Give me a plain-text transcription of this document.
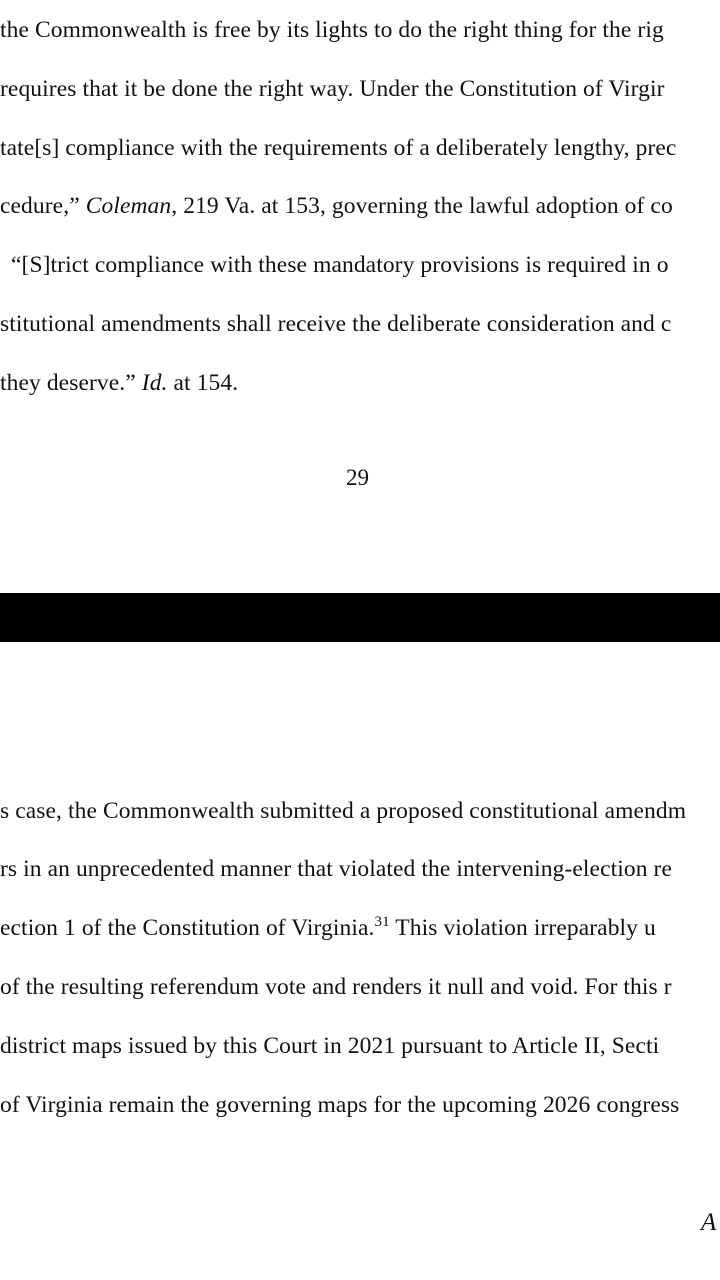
the Commonwealth is free by its lights to do the right thing for the rig
requires that it be done the right way. Under the Constitution of Virgir
tate[s] compliance with the requirements of a deliberately lengthy, prec
cedure,” Coleman, 219 Va. at 153, governing the lawful adoption of co
“[S]trict compliance with these mandatory provisions is required in o
stitutional amendments shall receive the deliberate consideration and c
they deserve.” Id. at 154.
29
s case, the Commonwealth submitted a proposed constitutional amendm
rs in an unprecedented manner that violated the intervening-election re
ection 1 of the Constitution of Virginia.$^{31}$ This violation irreparably u
of the resulting referendum vote and renders it null and void. For this r
district maps issued by this Court in 2021 pursuant to Article II, Secti
of Virginia remain the governing maps for the upcoming 2026 congress
A
